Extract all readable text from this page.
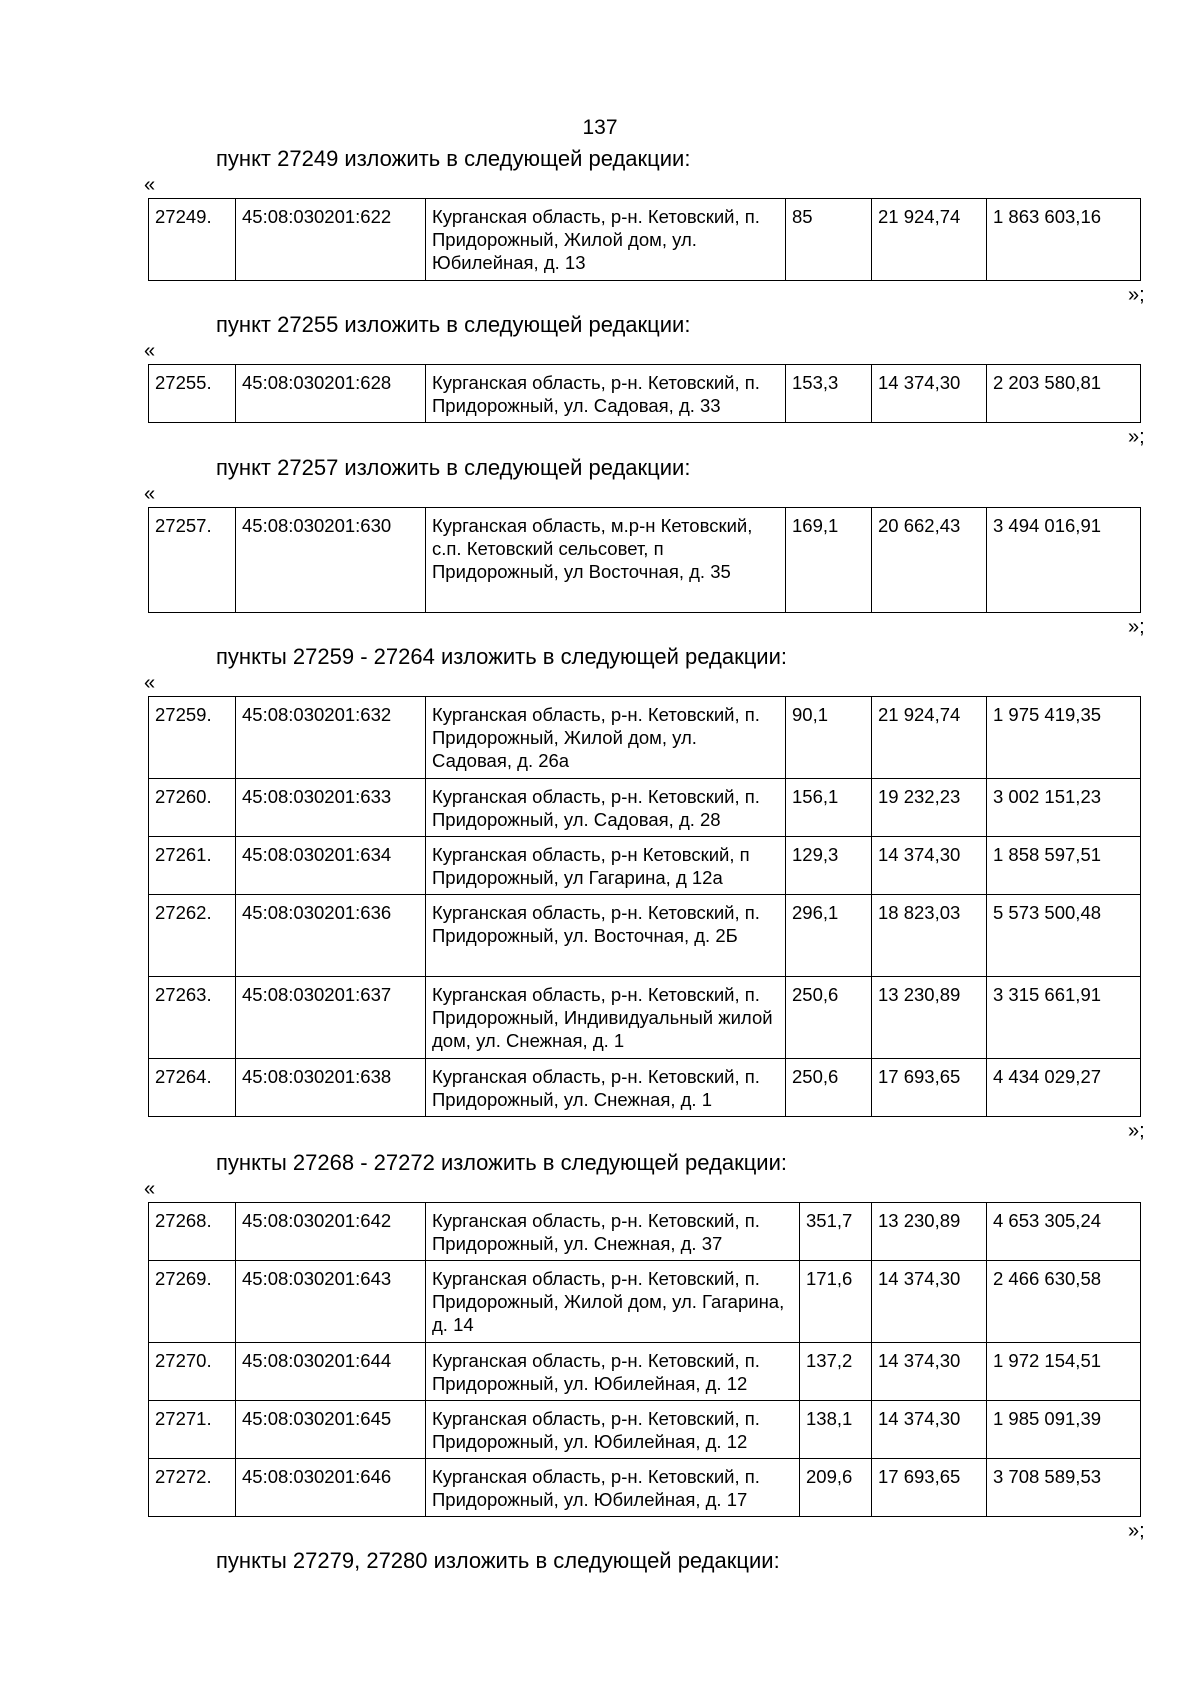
137
пункт 27249 изложить в следующей редакции:
«
27249.	45:08:030201:622	Курганская область, р-н. Кетовский, п. Придорожный, Жилой дом, ул. Юбилейная, д. 13	85	21 924,74	1 863 603,16
»;
пункт 27255 изложить в следующей редакции:
«
27255.	45:08:030201:628	Курганская область, р-н. Кетовский, п. Придорожный, ул. Садовая, д. 33	153,3	14 374,30	2 203 580,81
»;
пункт 27257 изложить в следующей редакции:
«
27257.	45:08:030201:630	Курганская область, м.р-н Кетовский, с.п. Кетовский сельсовет, п Придорожный, ул Восточная, д. 35	169,1	20 662,43	3 494 016,91
»;
пункты 27259 - 27264 изложить в следующей редакции:
«
27259.	45:08:030201:632	Курганская область, р-н. Кетовский, п. Придорожный, Жилой дом, ул. Садовая, д. 26а	90,1	21 924,74	1 975 419,35
27260.	45:08:030201:633	Курганская область, р-н. Кетовский, п. Придорожный, ул. Садовая, д. 28	156,1	19 232,23	3 002 151,23
27261.	45:08:030201:634	Курганская область, р-н Кетовский, п Придорожный, ул Гагарина, д 12а	129,3	14 374,30	1 858 597,51
27262.	45:08:030201:636	Курганская область, р-н. Кетовский, п. Придорожный, ул. Восточная, д. 2Б	296,1	18 823,03	5 573 500,48
27263.	45:08:030201:637	Курганская область, р-н. Кетовский, п. Придорожный, Индивидуальный жилой дом, ул. Снежная, д. 1	250,6	13 230,89	3 315 661,91
27264.	45:08:030201:638	Курганская область, р-н. Кетовский, п. Придорожный, ул. Снежная, д. 1	250,6	17 693,65	4 434 029,27
»;
пункты 27268 - 27272 изложить в следующей редакции:
«
27268.	45:08:030201:642	Курганская область, р-н. Кетовский, п. Придорожный, ул. Снежная, д. 37	351,7	13 230,89	4 653 305,24
27269.	45:08:030201:643	Курганская область, р-н. Кетовский, п. Придорожный, Жилой дом, ул. Гагарина, д. 14	171,6	14 374,30	2 466 630,58
27270.	45:08:030201:644	Курганская область, р-н. Кетовский, п. Придорожный, ул. Юбилейная, д. 12	137,2	14 374,30	1 972 154,51
27271.	45:08:030201:645	Курганская область, р-н. Кетовский, п. Придорожный, ул. Юбилейная, д. 12	138,1	14 374,30	1 985 091,39
27272.	45:08:030201:646	Курганская область, р-н. Кетовский, п. Придорожный, ул. Юбилейная, д. 17	209,6	17 693,65	3 708 589,53
»;
пункты 27279, 27280 изложить в следующей редакции:
